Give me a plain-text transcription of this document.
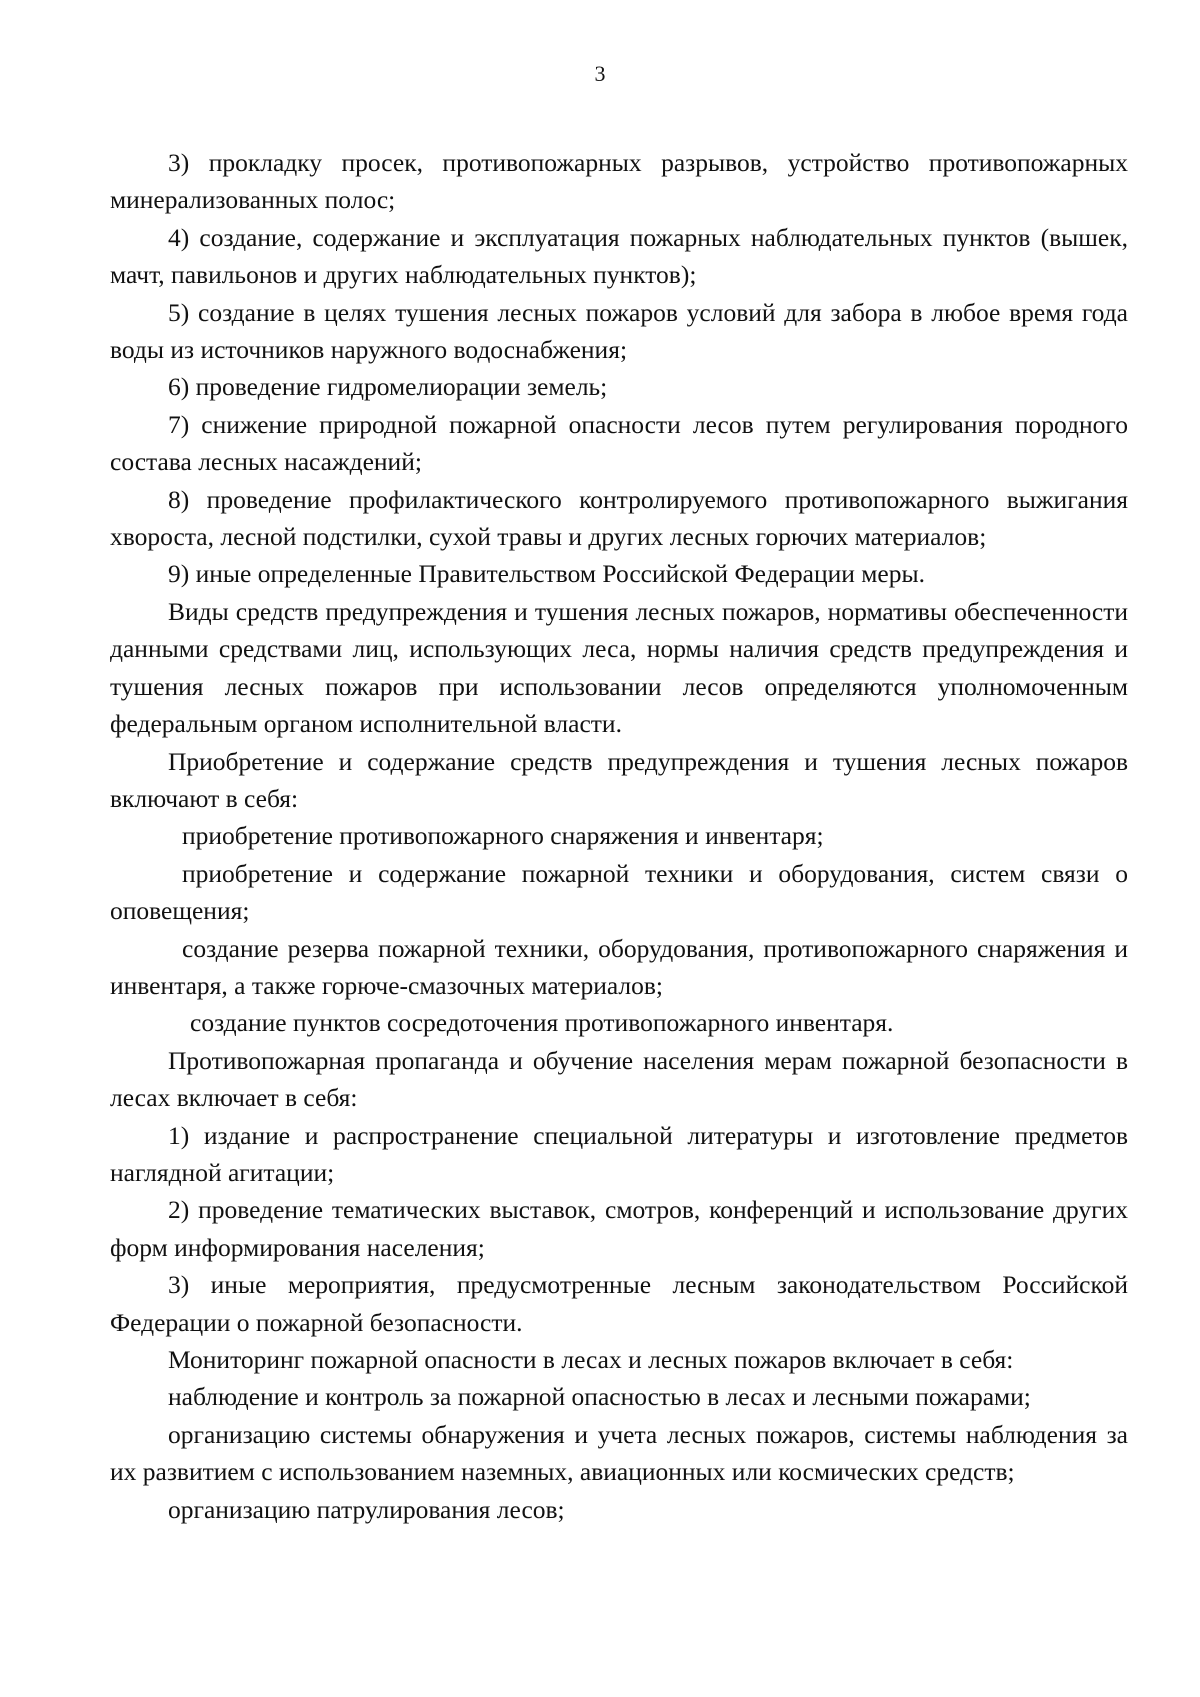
3

3) прокладку просек, противопожарных разрывов, устройство противопожарных минерализованных полос;

4) создание, содержание и эксплуатация пожарных наблюдательных пунктов (вышек, мачт, павильонов и других наблюдательных пунктов);

5) создание в целях тушения лесных пожаров условий для забора в любое время года воды из источников наружного водоснабжения;

6) проведение гидромелиорации земель;

7) снижение природной пожарной опасности лесов путем регулирования породного состава лесных насаждений;

8) проведение профилактического контролируемого противопожарного выжигания хвороста, лесной подстилки, сухой травы и других лесных горючих материалов;

9) иные определенные Правительством Российской Федерации меры.

Виды средств предупреждения и тушения лесных пожаров, нормативы обеспеченности данными средствами лиц, использующих леса, нормы наличия средств предупреждения и тушения лесных пожаров при использовании лесов определяются уполномоченным федеральным органом исполнительной власти.

Приобретение и содержание средств предупреждения и тушения лесных пожаров включают в себя:

приобретение противопожарного снаряжения и инвентаря;

приобретение и содержание пожарной техники и оборудования, систем связи о оповещения;

создание резерва пожарной техники, оборудования, противопожарного снаряжения и инвентаря, а также горюче-смазочных материалов;

создание пунктов сосредоточения противопожарного инвентаря.

Противопожарная пропаганда и обучение населения мерам пожарной безопасности в лесах включает в себя:

1) издание и распространение специальной литературы и изготовление предметов наглядной агитации;

2) проведение тематических выставок, смотров, конференций и использование других форм информирования населения;

3) иные мероприятия, предусмотренные лесным законодательством Российской Федерации о пожарной безопасности.

Мониторинг пожарной опасности в лесах и лесных пожаров включает в себя:

наблюдение и контроль за пожарной опасностью в лесах и лесными пожарами;

организацию системы обнаружения и учета лесных пожаров, системы наблюдения за их развитием с использованием наземных, авиационных или космических средств;

организацию патрулирования лесов;
